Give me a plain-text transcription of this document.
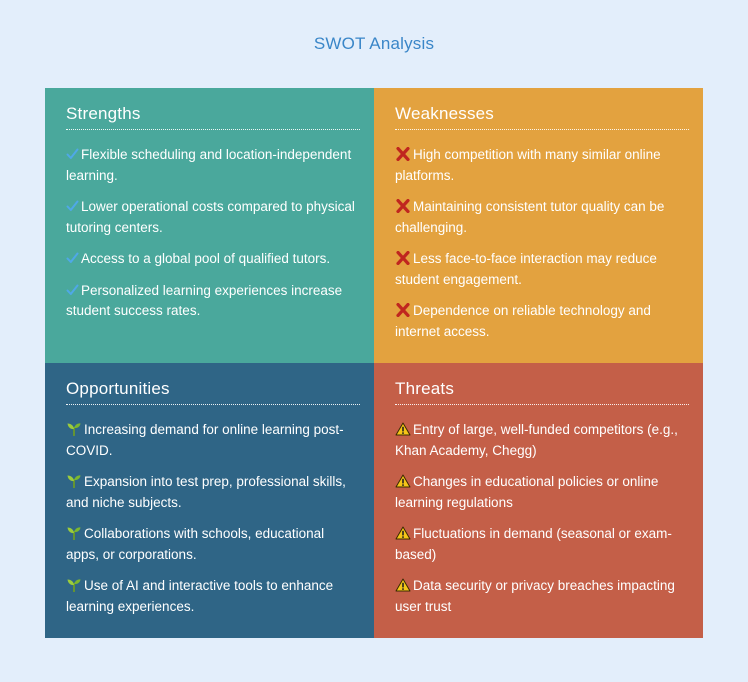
SWOT Analysis
Strengths
Flexible scheduling and location-independent learning.
Lower operational costs compared to physical tutoring centers.
Access to a global pool of qualified tutors.
Personalized learning experiences increase student success rates.
Weaknesses
High competition with many similar online platforms.
Maintaining consistent tutor quality can be challenging.
Less face-to-face interaction may reduce student engagement.
Dependence on reliable technology and internet access.
Opportunities
Increasing demand for online learning post-COVID.
Expansion into test prep, professional skills, and niche subjects.
Collaborations with schools, educational apps, or corporations.
Use of AI and interactive tools to enhance learning experiences.
Threats
Entry of large, well-funded competitors (e.g., Khan Academy, Chegg)
Changes in educational policies or online learning regulations
Fluctuations in demand (seasonal or exam-based)
Data security or privacy breaches impacting user trust
